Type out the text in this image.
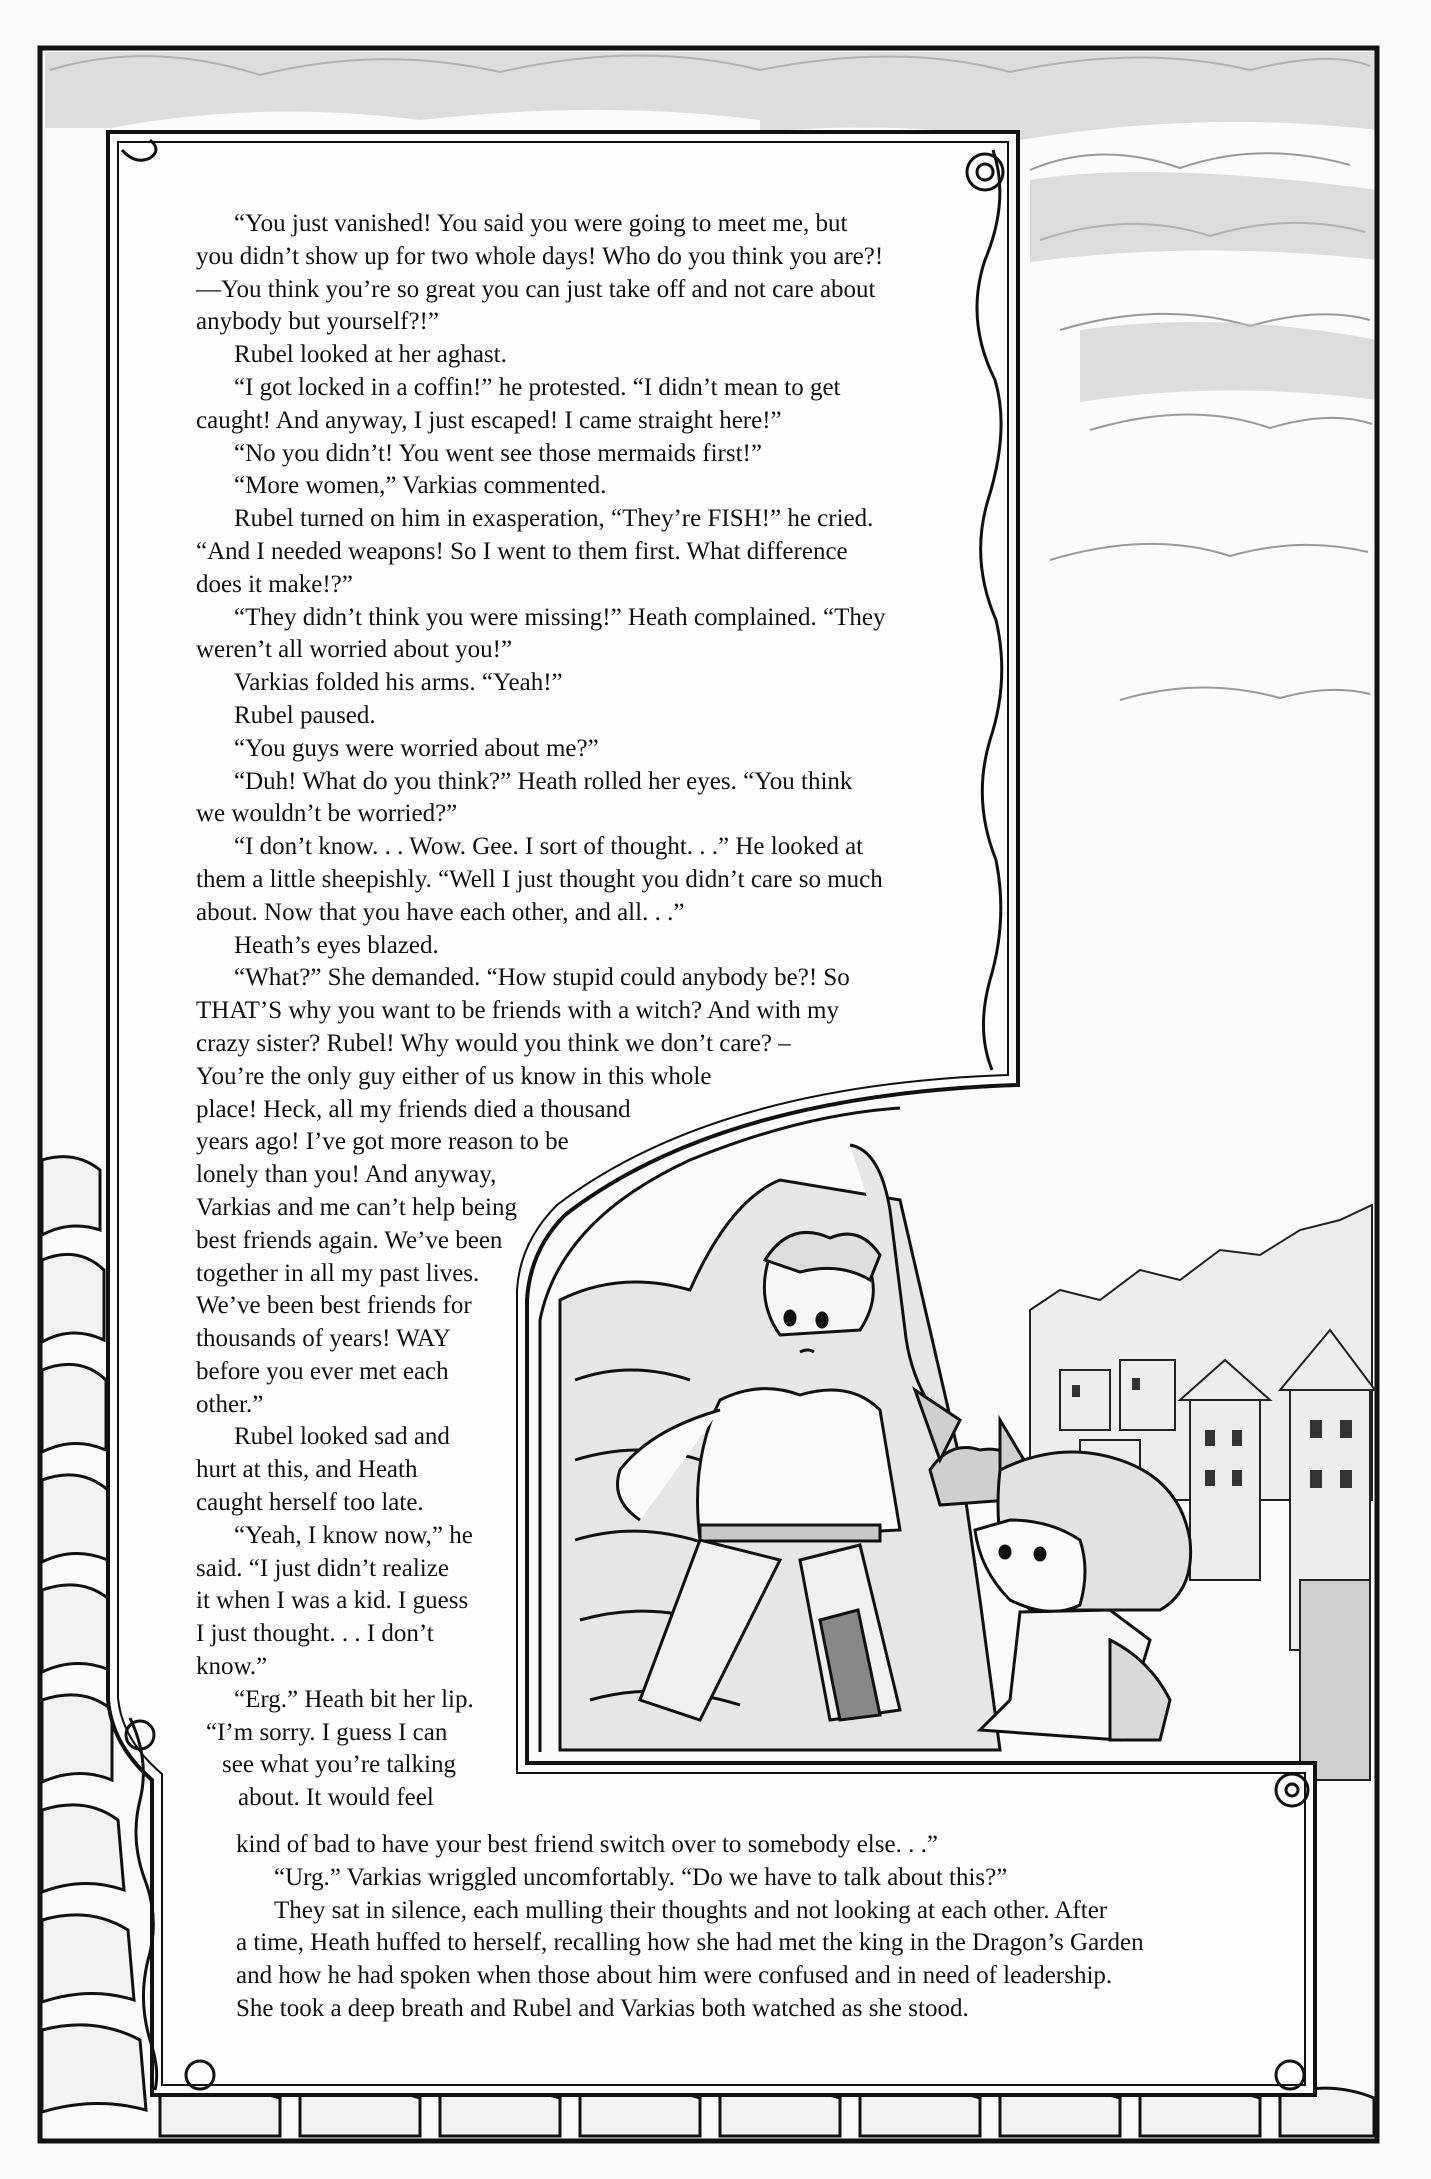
“You just vanished! You said you were going to meet me, but
you didn’t show up for two whole days! Who do you think you are?!
—You think you’re so great you can just take off and not care about
anybody but yourself?!”
Rubel looked at her aghast.
“I got locked in a coffin!” he protested. “I didn’t mean to get
caught! And anyway, I just escaped! I came straight here!”
“No you didn’t! You went see those mermaids first!”
“More women,” Varkias commented.
Rubel turned on him in exasperation, “They’re FISH!” he cried.
“And I needed weapons! So I went to them first. What difference
does it make!?”
“They didn’t think you were missing!” Heath complained. “They
weren’t all worried about you!”
Varkias folded his arms. “Yeah!”
Rubel paused.
“You guys were worried about me?”
“Duh! What do you think?” Heath rolled her eyes. “You think
we wouldn’t be worried?”
“I don’t know. . . Wow. Gee. I sort of thought. . .” He looked at
them a little sheepishly. “Well I just thought you didn’t care so much
about. Now that you have each other, and all. . .”
Heath’s eyes blazed.
“What?” She demanded. “How stupid could anybody be?! So
THAT’S why you want to be friends with a witch? And with my
crazy sister? Rubel! Why would you think we don’t care? –
You’re the only guy either of us know in this whole
place! Heck, all my friends died a thousand
years ago! I’ve got more reason to be
lonely than you! And anyway,
Varkias and me can’t help being
best friends again. We’ve been
together in all my past lives.
We’ve been best friends for
thousands of years! WAY
before you ever met each
other.”
Rubel looked sad and
hurt at this, and Heath
caught herself too late.
“Yeah, I know now,” he
said. “I just didn’t realize
it when I was a kid. I guess
I just thought. . . I don’t
know.”
“Erg.” Heath bit her lip.
“I’m sorry. I guess I can
see what you’re talking
about. It would feel
kind of bad to have your best friend switch over to somebody else. . .”
“Urg.” Varkias wriggled uncomfortably. “Do we have to talk about this?”
They sat in silence, each mulling their thoughts and not looking at each other. After
a time, Heath huffed to herself, recalling how she had met the king in the Dragon’s Garden
and how he had spoken when those about him were confused and in need of leadership.
She took a deep breath and Rubel and Varkias both watched as she stood.
